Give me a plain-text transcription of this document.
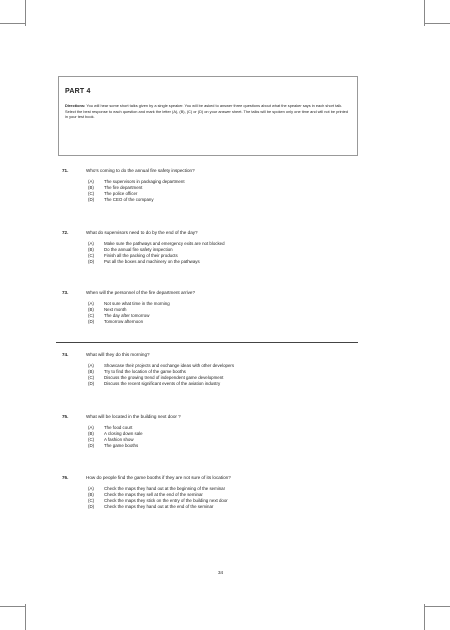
PART 4
Directions: You will hear some short talks given by a single speaker. You will be asked to answer three questions about what the speaker says in each short talk. Select the best response to each question and mark the letter (A), (B), (C) or (D) on your answer sheet. The talks will be spoken only one time and will not be printed in your test book.
71.	Who's coming to do the annual fire safety inspection?
(A) The supervisors in packaging department
(B) The fire department
(C) The police officer
(D) The CEO of the company
72.	What do supervisors need to do by the end of the day?
(A) Make sure the pathways and emergency exits are not blocked
(B) Do the annual fire safety inspection
(C) Finish all the packing of their products
(D) Put all the boxes and machinery on the pathways
73.	When will the personnel of the fire department arrive?
(A) Not sure what time in the morning
(B) Next month
(C) The day after tomorrow
(D) Tomorrow afternoon
74.	What will they do this morning?
(A) Showcase their projects and exchange ideas with other developers
(B) Try to find the location of the game booths
(C) Discuss the growing trend of independent game development
(D) Discuss the recent significant events of the aviation industry
75.	What will be located in the building next door ?
(A) The food court
(B) A closing down sale
(C) A fashion show
(D) The game booths
76.	How do people find the game booths if they are not sure of its location?
(A) Check the maps they hand out at the beginning of the seminar
(B) Check the maps they sell at the end of the seminar
(C) Check the maps they stick on the entry of the building next door
(D) Check the maps they hand out at the end of the seminar
34
